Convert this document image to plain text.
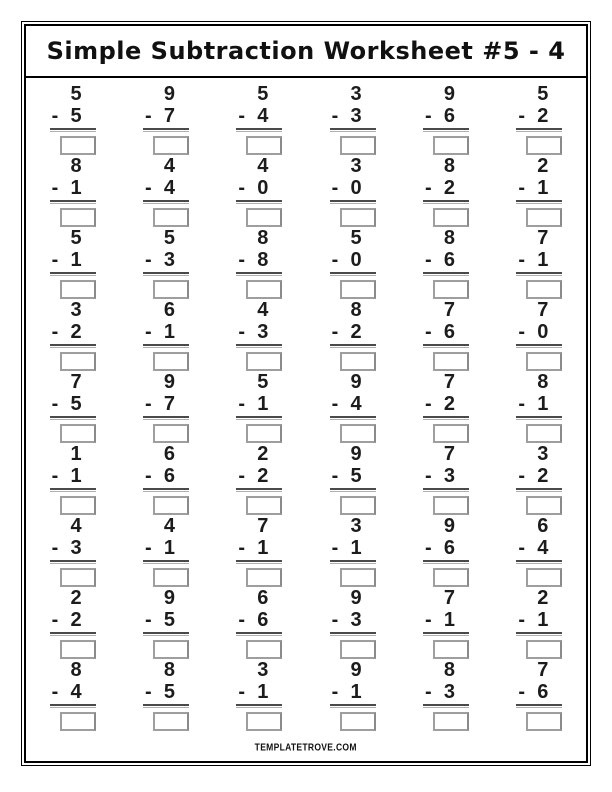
Simple Subtraction Worksheet #5 - 4
5
- 5
9
- 7
5
- 4
3
- 3
9
- 6
5
- 2
8
- 1
4
- 4
4
- 0
3
- 0
8
- 2
2
- 1
5
- 1
5
- 3
8
- 8
5
- 0
8
- 6
7
- 1
3
- 2
6
- 1
4
- 3
8
- 2
7
- 6
7
- 0
7
- 5
9
- 7
5
- 1
9
- 4
7
- 2
8
- 1
1
- 1
6
- 6
2
- 2
9
- 5
7
- 3
3
- 2
4
- 3
4
- 1
7
- 1
3
- 1
9
- 6
6
- 4
2
- 2
9
- 5
6
- 6
9
- 3
7
- 1
2
- 1
8
- 4
8
- 5
3
- 1
9
- 1
8
- 3
7
- 6
TEMPLATETROVE.COM
